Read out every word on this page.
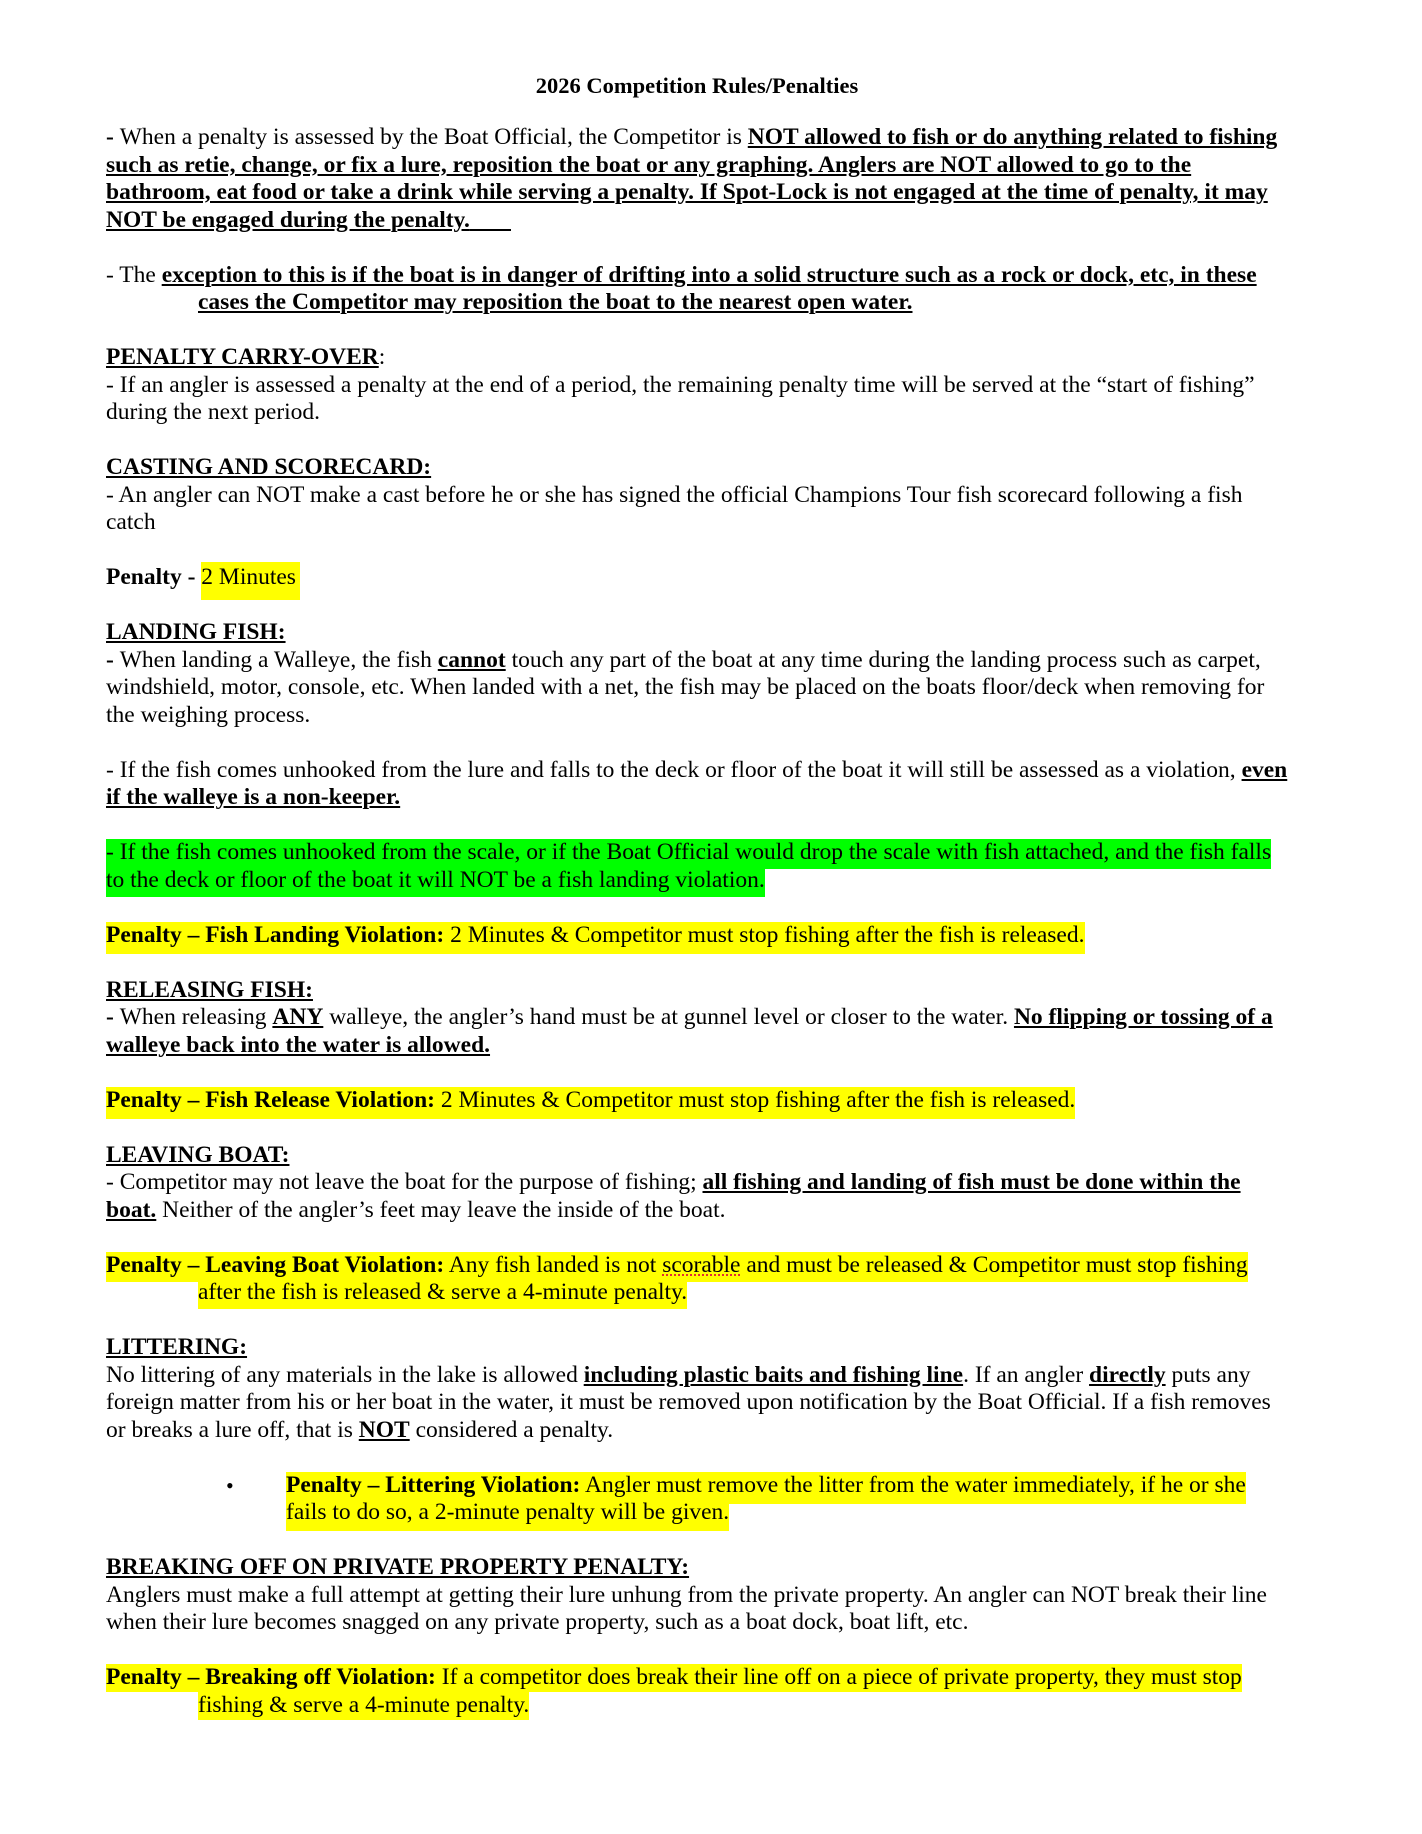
2026 Competition Rules/Penalties

- When a penalty is assessed by the Boat Official, the Competitor is NOT allowed to fish or do anything related to fishing such as retie, change, or fix a lure, reposition the boat or any graphing. Anglers are NOT allowed to go to the bathroom, eat food or take a drink while serving a penalty. If Spot-Lock is not engaged at the time of penalty, it may NOT be engaged during the penalty.

- The exception to this is if the boat is in danger of drifting into a solid structure such as a rock or dock, etc, in these cases the Competitor may reposition the boat to the nearest open water.

PENALTY CARRY-OVER:

- If an angler is assessed a penalty at the end of a period, the remaining penalty time will be served at the “start of fishing” during the next period.

CASTING AND SCORECARD:

- An angler can NOT make a cast before he or she has signed the official Champions Tour fish scorecard following a fish catch

Penalty - 2 Minutes

LANDING FISH:

- When landing a Walleye, the fish cannot touch any part of the boat at any time during the landing process such as carpet, windshield, motor, console, etc. When landed with a net, the fish may be placed on the boats floor/deck when removing for the weighing process.

- If the fish comes unhooked from the lure and falls to the deck or floor of the boat it will still be assessed as a violation, even if the walleye is a non-keeper.

- If the fish comes unhooked from the scale, or if the Boat Official would drop the scale with fish attached, and the fish falls to the deck or floor of the boat it will NOT be a fish landing violation.

Penalty – Fish Landing Violation: 2 Minutes & Competitor must stop fishing after the fish is released.

RELEASING FISH:

- When releasing ANY walleye, the angler’s hand must be at gunnel level or closer to the water. No flipping or tossing of a walleye back into the water is allowed.

Penalty – Fish Release Violation: 2 Minutes & Competitor must stop fishing after the fish is released.

LEAVING BOAT:

- Competitor may not leave the boat for the purpose of fishing; all fishing and landing of fish must be done within the boat. Neither of the angler’s feet may leave the inside of the boat.

Penalty – Leaving Boat Violation: Any fish landed is not scorable and must be released & Competitor must stop fishing after the fish is released & serve a 4-minute penalty.

LITTERING:

No littering of any materials in the lake is allowed including plastic baits and fishing line. If an angler directly puts any foreign matter from his or her boat in the water, it must be removed upon notification by the Boat Official. If a fish removes or breaks a lure off, that is NOT considered a penalty.

• Penalty – Littering Violation: Angler must remove the litter from the water immediately, if he or she fails to do so, a 2-minute penalty will be given.

BREAKING OFF ON PRIVATE PROPERTY PENALTY:

Anglers must make a full attempt at getting their lure unhung from the private property. An angler can NOT break their line when their lure becomes snagged on any private property, such as a boat dock, boat lift, etc.

Penalty – Breaking off Violation: If a competitor does break their line off on a piece of private property, they must stop fishing & serve a 4-minute penalty.
